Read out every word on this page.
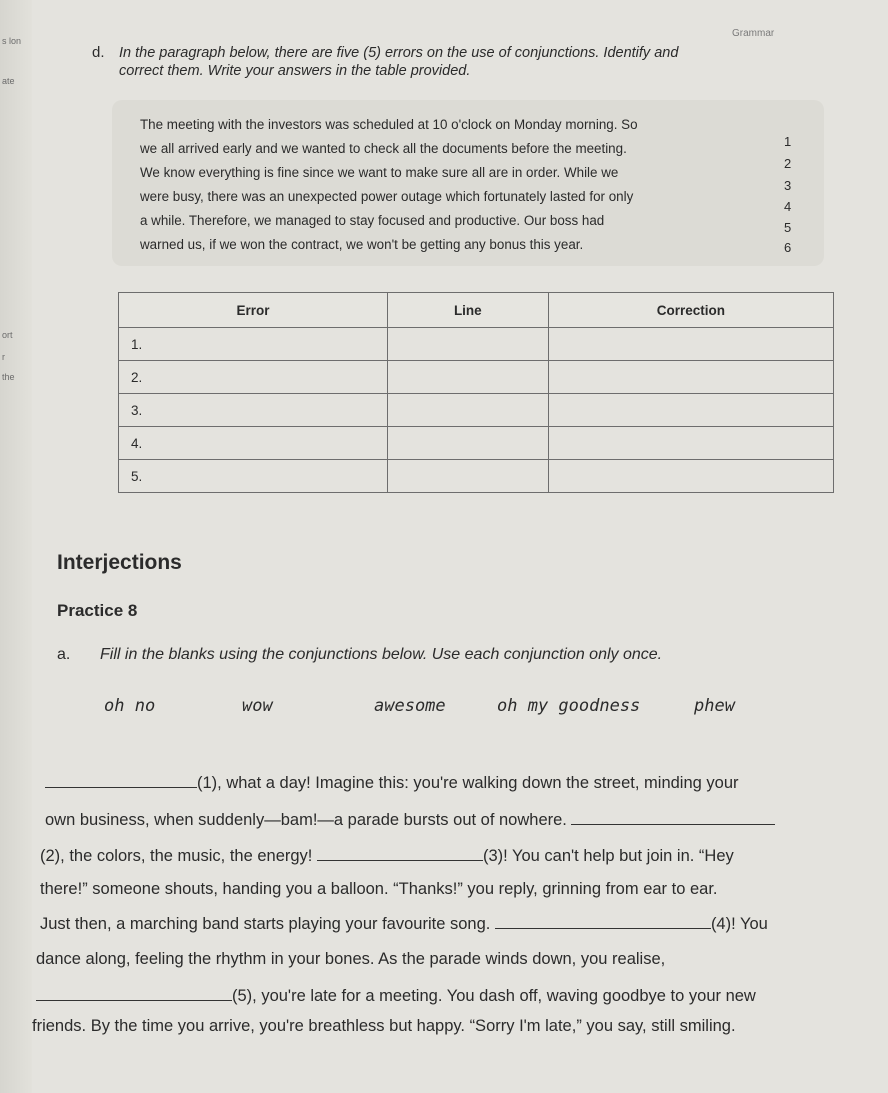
s lon
ate
ort
r
the
Grammar
d. In the paragraph below, there are five (5) errors on the use of conjunctions. Identify and
correct them. Write your answers in the table provided.
The meeting with the investors was scheduled at 10 o'clock on Monday morning. So
we all arrived early and we wanted to check all the documents before the meeting.
We know everything is fine since we want to make sure all are in order. While we
were busy, there was an unexpected power outage which fortunately lasted for only
a while. Therefore, we managed to stay focused and productive. Our boss had
warned us, if we won the contract, we won't be getting any bonus this year.
1
2
3
4
5
6
Error	Line	Correction
1.		
2.		
3.		
4.		
5.		
Interjections
Practice 8
a. Fill in the blanks using the conjunctions below. Use each conjunction only once.
oh no	wow	awesome	oh my goodness	phew
(1), what a day! Imagine this: you're walking down the street, minding your
own business, when suddenly—bam!—a parade bursts out of nowhere.
(2), the colors, the music, the energy!	(3)! You can't help but join in. “Hey
there!” someone shouts, handing you a balloon. “Thanks!” you reply, grinning from ear to ear.
Just then, a marching band starts playing your favourite song.	(4)! You
dance along, feeling the rhythm in your bones. As the parade winds down, you realise,
(5), you're late for a meeting. You dash off, waving goodbye to your new
friends. By the time you arrive, you're breathless but happy. “Sorry I'm late,” you say, still smiling.
